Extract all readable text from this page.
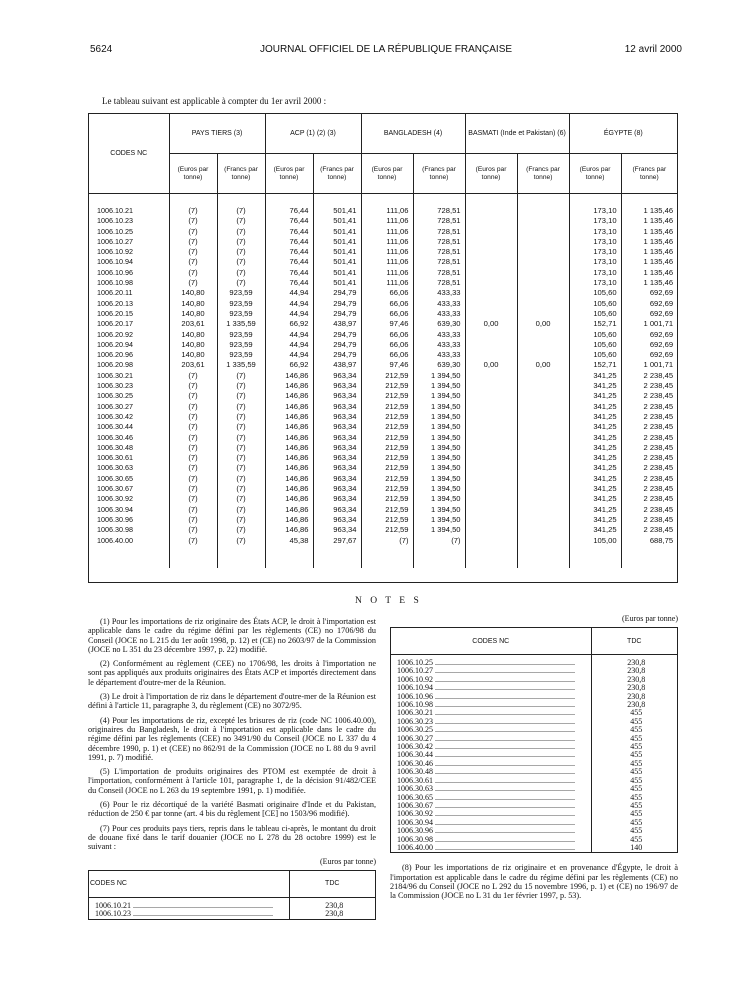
5624	JOURNAL OFFICIEL DE LA RÉPUBLIQUE FRANÇAISE	12 avril 2000
Le tableau suivant est applicable à compter du 1er avril 2000 :
CODES NC	PAYS TIERS (3)		ACP (1) (2) (3)		BANGLADESH (4)		BASMATI (Inde et Pakistan) (6)		ÉGYPTE (8)	
	(Euros par tonne)	(Francs par tonne)	(Euros par tonne)	(Francs par tonne)	(Euros par tonne)	(Francs par tonne)	(Euros par tonne)	(Francs par tonne)	(Euros par tonne)	(Francs par tonne)

1006.10.21	(7)	(7)	76,44	501,41	111,06	728,51			173,10	1 135,46
1006.10.23	(7)	(7)	76,44	501,41	111,06	728,51			173,10	1 135,46
1006.10.25	(7)	(7)	76,44	501,41	111,06	728,51			173,10	1 135,46
1006.10.27	(7)	(7)	76,44	501,41	111,06	728,51			173,10	1 135,46
1006.10.92	(7)	(7)	76,44	501,41	111,06	728,51			173,10	1 135,46
1006.10.94	(7)	(7)	76,44	501,41	111,06	728,51			173,10	1 135,46
1006.10.96	(7)	(7)	76,44	501,41	111,06	728,51			173,10	1 135,46
1006.10.98	(7)	(7)	76,44	501,41	111,06	728,51			173,10	1 135,46
1006.20.11	140,80	923,59	44,94	294,79	66,06	433,33			105,60	692,69
1006.20.13	140,80	923,59	44,94	294,79	66,06	433,33			105,60	692,69
1006.20.15	140,80	923,59	44,94	294,79	66,06	433,33			105,60	692,69
1006.20.17	203,61	1 335,59	66,92	438,97	97,46	639,30	0,00	0,00	152,71	1 001,71
1006.20.92	140,80	923,59	44,94	294,79	66,06	433,33			105,60	692,69
1006.20.94	140,80	923,59	44,94	294,79	66,06	433,33			105,60	692,69
1006.20.96	140,80	923,59	44,94	294,79	66,06	433,33			105,60	692,69
1006.20.98	203,61	1 335,59	66,92	438,97	97,46	639,30	0,00	0,00	152,71	1 001,71
1006.30.21	(7)	(7)	146,86	963,34	212,59	1 394,50			341,25	2 238,45
1006.30.23	(7)	(7)	146,86	963,34	212,59	1 394,50			341,25	2 238,45
1006.30.25	(7)	(7)	146,86	963,34	212,59	1 394,50			341,25	2 238,45
1006.30.27	(7)	(7)	146,86	963,34	212,59	1 394,50			341,25	2 238,45
1006.30.42	(7)	(7)	146,86	963,34	212,59	1 394,50			341,25	2 238,45
1006.30.44	(7)	(7)	146,86	963,34	212,59	1 394,50			341,25	2 238,45
1006.30.46	(7)	(7)	146,86	963,34	212,59	1 394,50			341,25	2 238,45
1006.30.48	(7)	(7)	146,86	963,34	212,59	1 394,50			341,25	2 238,45
1006.30.61	(7)	(7)	146,86	963,34	212,59	1 394,50			341,25	2 238,45
1006.30.63	(7)	(7)	146,86	963,34	212,59	1 394,50			341,25	2 238,45
1006.30.65	(7)	(7)	146,86	963,34	212,59	1 394,50			341,25	2 238,45
1006.30.67	(7)	(7)	146,86	963,34	212,59	1 394,50			341,25	2 238,45
1006.30.92	(7)	(7)	146,86	963,34	212,59	1 394,50			341,25	2 238,45
1006.30.94	(7)	(7)	146,86	963,34	212,59	1 394,50			341,25	2 238,45
1006.30.96	(7)	(7)	146,86	963,34	212,59	1 394,50			341,25	2 238,45
1006.30.98	(7)	(7)	146,86	963,34	212,59	1 394,50			341,25	2 238,45
1006.40.00	(7)	(7)	45,38	297,67	(7)	(7)			105,00	688,75

N O T E S

(1) Pour les importations de riz originaire des États ACP, le droit à l'importation est applicable dans le cadre du régime défini par les règlements (CE) no 1706/98 du Conseil (JOCE no L 215 du 1er août 1998, p. 12) et (CE) no 2603/97 de la Commission (JOCE no L 351 du 23 décembre 1997, p. 22) modifié.

(2) Conformément au règlement (CEE) no 1706/98, les droits à l'importation ne sont pas appliqués aux produits originaires des États ACP et importés directement dans le département d'outre-mer de la Réunion.

(3) Le droit à l'importation de riz dans le département d'outre-mer de la Réunion est défini à l'article 11, paragraphe 3, du règlement (CE) no 3072/95.

(4) Pour les importations de riz, excepté les brisures de riz (code NC 1006.40.00), originaires du Bangladesh, le droit à l'importation est applicable dans le cadre du régime défini par les règlements (CEE) no 3491/90 du Conseil (JOCE no L 337 du 4 décembre 1990, p. 1) et (CEE) no 862/91 de la Commission (JOCE no L 88 du 9 avril 1991, p. 7) modifié.

(5) L'importation de produits originaires des PTOM est exemptée de droit à l'importation, conformément à l'article 101, paragraphe 1, de la décision 91/482/CEE du Conseil (JOCE no L 263 du 19 septembre 1991, p. 1) modifiée.

(6) Pour le riz décortiqué de la variété Basmati originaire d'Inde et du Pakistan, réduction de 250 € par tonne (art. 4 bis du règlement [CE] no 1503/96 modifié).

(7) Pour ces produits pays tiers, repris dans le tableau ci-après, le montant du droit de douane fixé dans le tarif douanier (JOCE no L 278 du 28 octobre 1999) est le suivant :

(Euros par tonne)
CODES NC	TDC

1006.10.21 ......................................................................	230,8
1006.10.23 ......................................................................	230,8
(Euros par tonne)
CODES NC	TDC

1006.10.25 ......................................................................	230,8
1006.10.27 ......................................................................	230,8
1006.10.92 ......................................................................	230,8
1006.10.94 ......................................................................	230,8
1006.10.96 ......................................................................	230,8
1006.10.98 ......................................................................	230,8
1006.30.21 ......................................................................	455
1006.30.23 ......................................................................	455
1006.30.25 ......................................................................	455
1006.30.27 ......................................................................	455
1006.30.42 ......................................................................	455
1006.30.44 ......................................................................	455
1006.30.46 ......................................................................	455
1006.30.48 ......................................................................	455
1006.30.61 ......................................................................	455
1006.30.63 ......................................................................	455
1006.30.65 ......................................................................	455
1006.30.67 ......................................................................	455
1006.30.92 ......................................................................	455
1006.30.94 ......................................................................	455
1006.30.96 ......................................................................	455
1006.30.98 ......................................................................	455
1006.40.00 ......................................................................	140
(8) Pour les importations de riz originaire et en provenance d'Égypte, le droit à l'importation est applicable dans le cadre du régime défini par les règlements (CE) no 2184/96 du Conseil (JOCE no L 292 du 15 novembre 1996, p. 1) et (CE) no 196/97 de la Commission (JOCE no L 31 du 1er février 1997, p. 53).
